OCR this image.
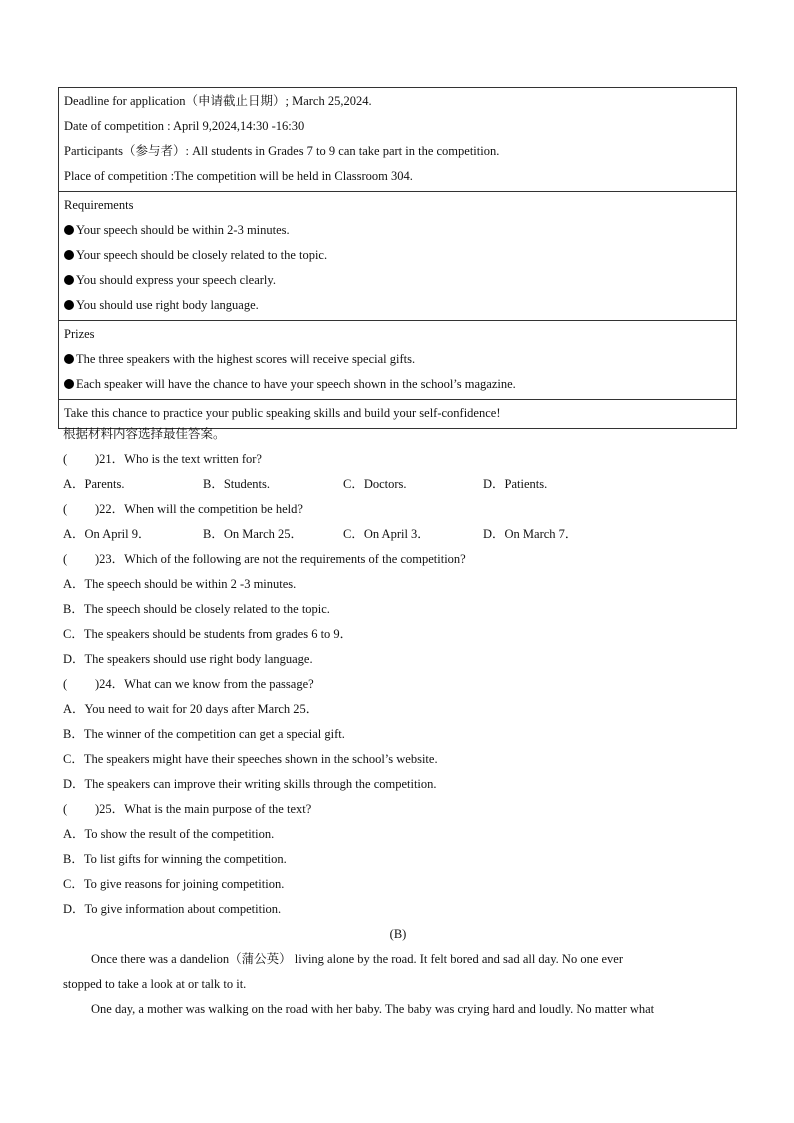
Deadline for application（申请截止日期）; March 25,2024.
Date of competition : April 9,2024,14:30 -16:30
Participants（参与者）: All students in Grades 7 to 9 can take part in the competition.
Place of competition :The competition will be held in Classroom 304.

Requirements
Your speech should be within 2-3 minutes.
Your speech should be closely related to the topic.
You should express your speech clearly.
You should use right body language.

Prizes
The three speakers with the highest scores will receive special gifts.
Each speaker will have the chance to have your speech shown in the school’s magazine.

Take this chance to practice your public speaking skills and build your self-confidence!
根据材料内容选择最佳答案。
( )21．Who is the text written for?
A．Parents.	B．Students.	C．Doctors.	D．Patients.
( )22．When will the competition be held?
A．On April 9．	B．On March 25．	C．On April 3．	D．On March 7．
( )23．Which of the following are not the requirements of the competition?
A．The speech should be within 2 -3 minutes.
B．The speech should be closely related to the topic.
C．The speakers should be students from grades 6 to 9．
D．The speakers should use right body language.
( )24．What can we know from the passage?
A．You need to wait for 20 days after March 25．
B．The winner of the competition can get a special gift.
C．The speakers might have their speeches shown in the school’s website.
D．The speakers can improve their writing skills through the competition.
( )25．What is the main purpose of the text?
A．To show the result of the competition.
B．To list gifts for winning the competition.
C．To give reasons for joining competition.
D．To give information about competition.
(B)
Once there was a dandelion（蒲公英） living alone by the road. It felt bored and sad all day. No one ever
stopped to take a look at or talk to it.
One day, a mother was walking on the road with her baby. The baby was crying hard and loudly. No matter what
